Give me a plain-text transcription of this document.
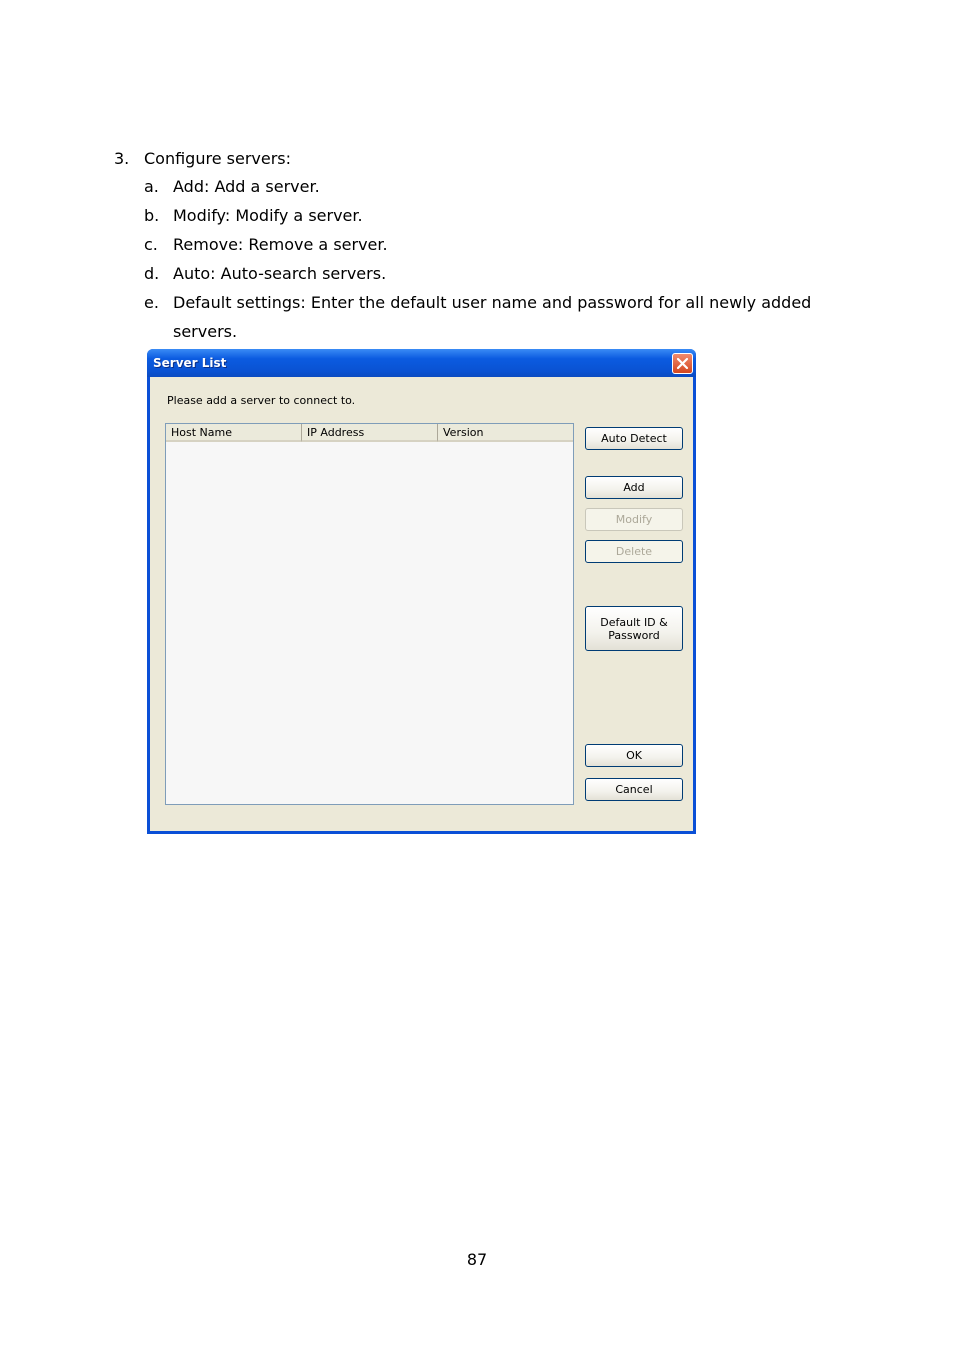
3. Configure servers:
a. Add: Add a server.
b. Modify: Modify a server.
c. Remove: Remove a server.
d. Auto: Auto-search servers.
e. Default settings: Enter the default user name and password for all newly added
servers.
Server List
Please add a server to connect to.
Host Name	IP Address	Version	Auto Detect
Add
Modify
Delete
Default ID &
Password
OK
Cancel
87
